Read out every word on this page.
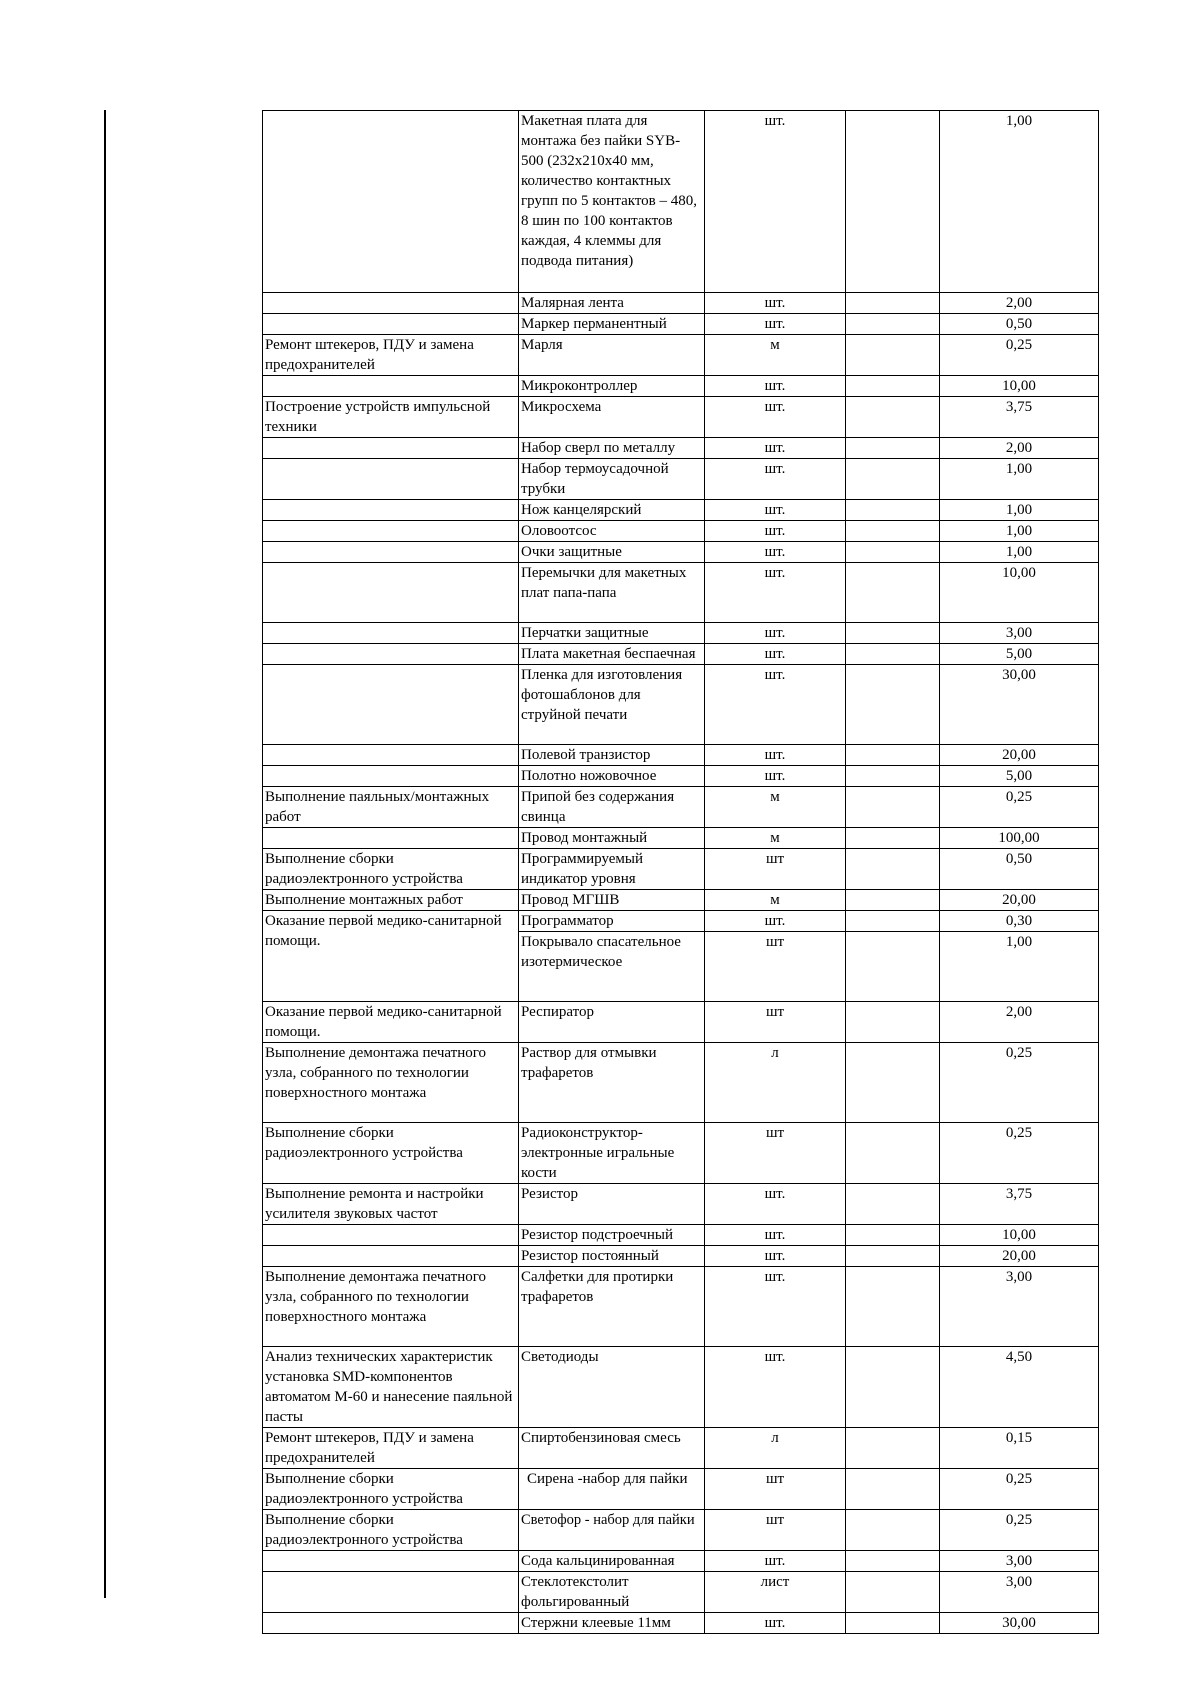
	Макетная плата для монтажа без пайки SYB-500 (232х210х40 мм, количество контактных групп по 5 контактов – 480, 8 шин по 100 контактов каждая, 4 клеммы для подвода питания)	шт.		1,00
	Малярная лента	шт.		2,00
	Маркер перманентный	шт.		0,50
Ремонт штекеров, ПДУ и замена предохранителей	Марля	м		0,25
	Микроконтроллер	шт.		10,00
Построение устройств импульсной техники	Микросхема	шт.		3,75
	Набор сверл по металлу	шт.		2,00
	Набор термоусадочной трубки	шт.		1,00
	Нож канцелярский	шт.		1,00
	Оловоотсос	шт.		1,00
	Очки защитные	шт.		1,00
	Перемычки для макетных плат папа-папа	шт.		10,00
	Перчатки защитные	шт.		3,00
	Плата макетная беспаечная	шт.		5,00
	Пленка для изготовления фотошаблонов для струйной печати	шт.		30,00
	Полевой транзистор	шт.		20,00
	Полотно ножовочное	шт.		5,00
Выполнение паяльных/монтажных работ	Припой без содержания свинца	м		0,25
	Провод монтажный	м		100,00
Выполнение сборки радиоэлектронного устройства	Программируемый индикатор уровня	шт		0,50
Выполнение монтажных работ	Провод МГШВ	м		20,00
Оказание первой медико-санитарной помощи.	Программатор	шт.		0,30
	Покрывало спасательное изотермическое	шт		1,00
Оказание первой медико-санитарной помощи.	Респиратор	шт		2,00
Выполнение демонтажа печатного узла, собранного по технологии поверхностного монтажа	Раствор для отмывки трафаретов	л		0,25
Выполнение сборки радиоэлектронного устройства	Радиоконструктор-электронные игральные кости	шт		0,25
Выполнение ремонта и настройки усилителя звуковых частот	Резистор	шт.		3,75
	Резистор подстроечный	шт.		10,00
	Резистор постоянный	шт.		20,00
Выполнение демонтажа печатного узла, собранного по технологии поверхностного монтажа	Салфетки для протирки трафаретов	шт.		3,00
Анализ технических характеристик установка SMD-компонентов автоматом М-60 и нанесение паяльной пасты	Светодиоды	шт.		4,50
Ремонт штекеров, ПДУ и замена предохранителей	Спиртобензиновая смесь	л		0,15
Выполнение сборки радиоэлектронного устройства	Сирена -набор для пайки	шт		0,25
Выполнение сборки радиоэлектронного устройства	Светофор - набор для пайки	шт		0,25
	Сода кальцинированная	шт.		3,00
	Стеклотекстолит фольгированный	лист		3,00
	Стержни клеевые 11мм	шт.		30,00
